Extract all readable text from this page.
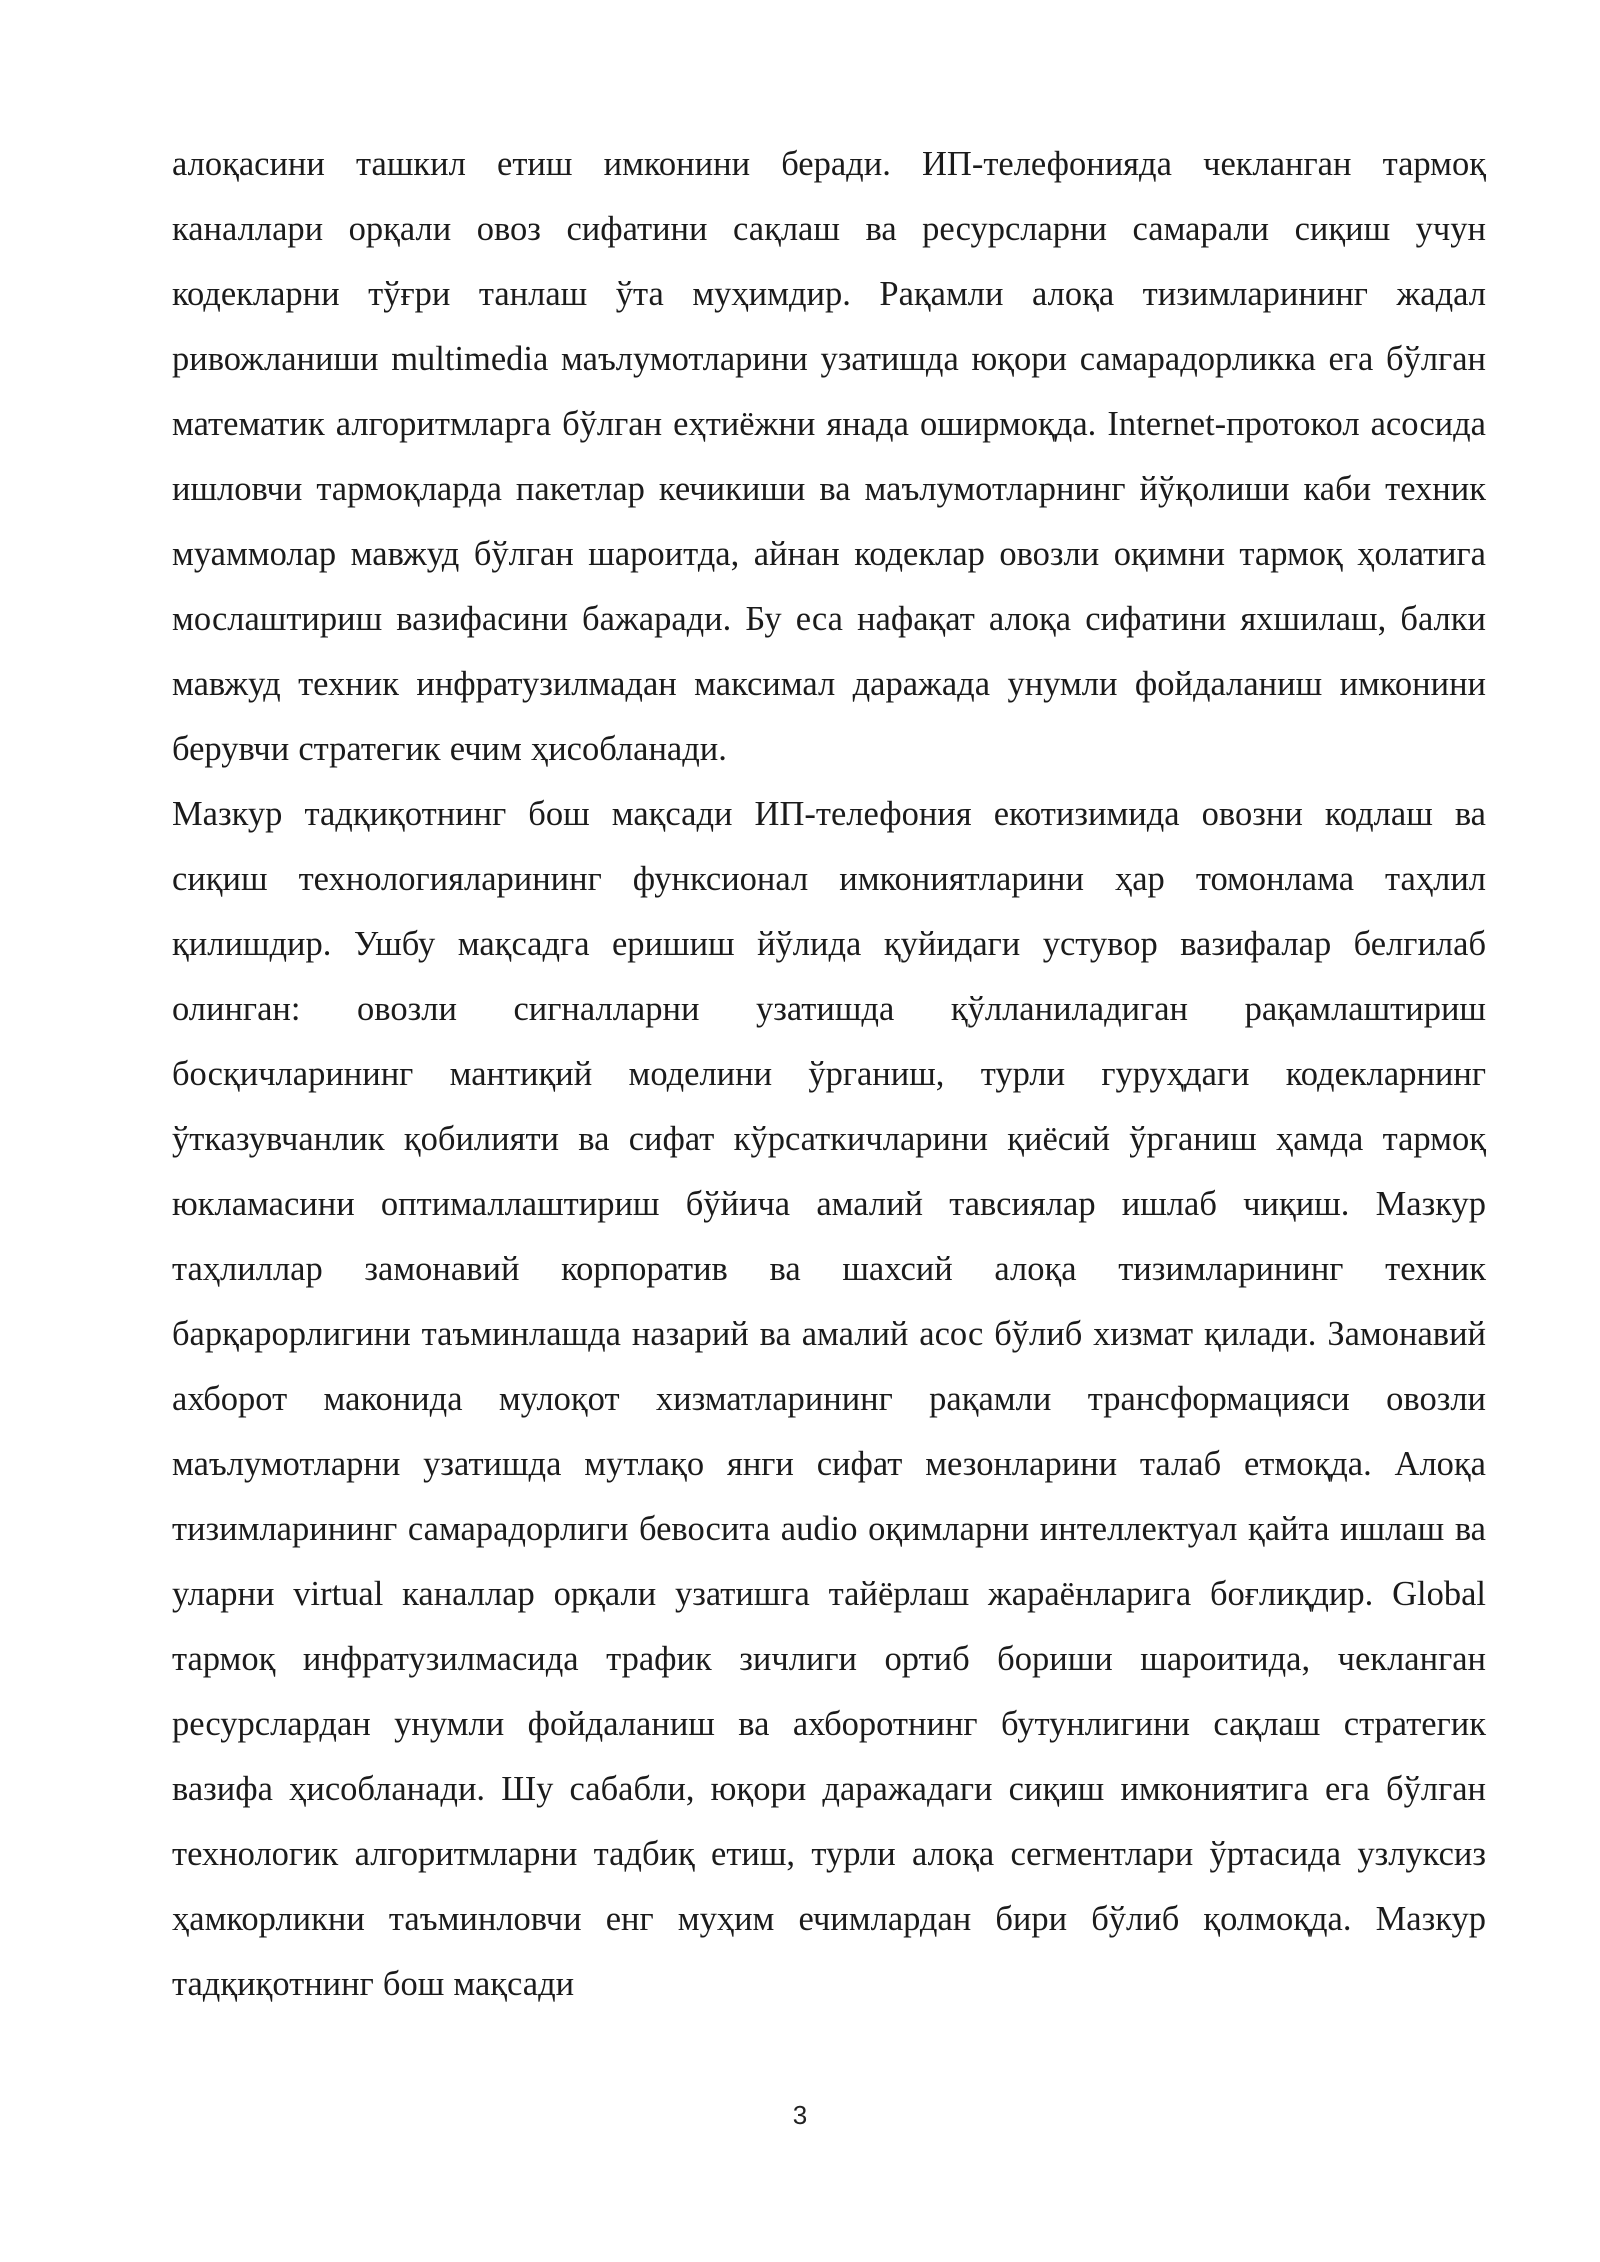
алоқасини ташкил етиш имконини беради. ИП-телефонияда чекланган тармоқ каналлари орқали овоз сифатини сақлаш ва ресурсларни самарали сиқиш учун кодекларни тўғри танлаш ўта муҳимдир. Рақамли алоқа тизимларининг жадал ривожланиши multimedia маълумотларини узатишда юқори самарадорликка ега бўлган математик алгоритмларга бўлган еҳтиёжни янада оширмоқда. Internet-протокол асосида ишловчи тармоқларда пакетлар кечикиши ва маълумотларнинг йўқолиши каби техник муаммолар мавжуд бўлган шароитда, айнан кодеклар овозли оқимни тармоқ ҳолатига мослаштириш вазифасини бажаради. Бу еса нафақат алоқа сифатини яхшилаш, балки мавжуд техник инфратузилмадан максимал даражада унумли фойдаланиш имконини берувчи стратегик ечим ҳисобланади.

Мазкур тадқиқотнинг бош мақсади ИП-телефония екотизимида овозни кодлаш ва сиқиш технологияларининг функсионал имкониятларини ҳар томонлама таҳлил қилишдир. Ушбу мақсадга еришиш йўлида қуйидаги устувор вазифалар белгилаб олинган: овозли сигналларни узатишда қўлланиладиган рақамлаштириш босқичларининг мантиқий моделини ўрганиш, турли гуруҳдаги кодекларнинг ўтказувчанлик қобилияти ва сифат кўрсаткичларини қиёсий ўрганиш ҳамда тармоқ юкламасини оптималлаштириш бўйича амалий тавсиялар ишлаб чиқиш. Мазкур таҳлиллар замонавий корпоратив ва шахсий алоқа тизимларининг техник барқарорлигини таъминлашда назарий ва амалий асос бўлиб хизмат қилади. Замонавий ахборот маконида мулоқот хизматларининг рақамли трансформацияси овозли маълумотларни узатишда мутлақо янги сифат мезонларини талаб етмоқда. Алоқа тизимларининг самарадорлиги бевосита audio оқимларни интеллектуал қайта ишлаш ва уларни virtual каналлар орқали узатишга тайёрлаш жараёнларига боғлиқдир. Global тармоқ инфратузилмасида трафик зичлиги ортиб бориши шароитида, чекланган ресурслардан унумли фойдаланиш ва ахборотнинг бутунлигини сақлаш стратегик вазифа ҳисобланади. Шу сабабли, юқори даражадаги сиқиш имкониятига ега бўлган технологик алгоритмларни тадбиқ етиш, турли алоқа сегментлари ўртасида узлуксиз ҳамкорликни таъминловчи енг муҳим ечимлардан бири бўлиб қолмоқда. Мазкур тадқиқотнинг бош мақсади

3
